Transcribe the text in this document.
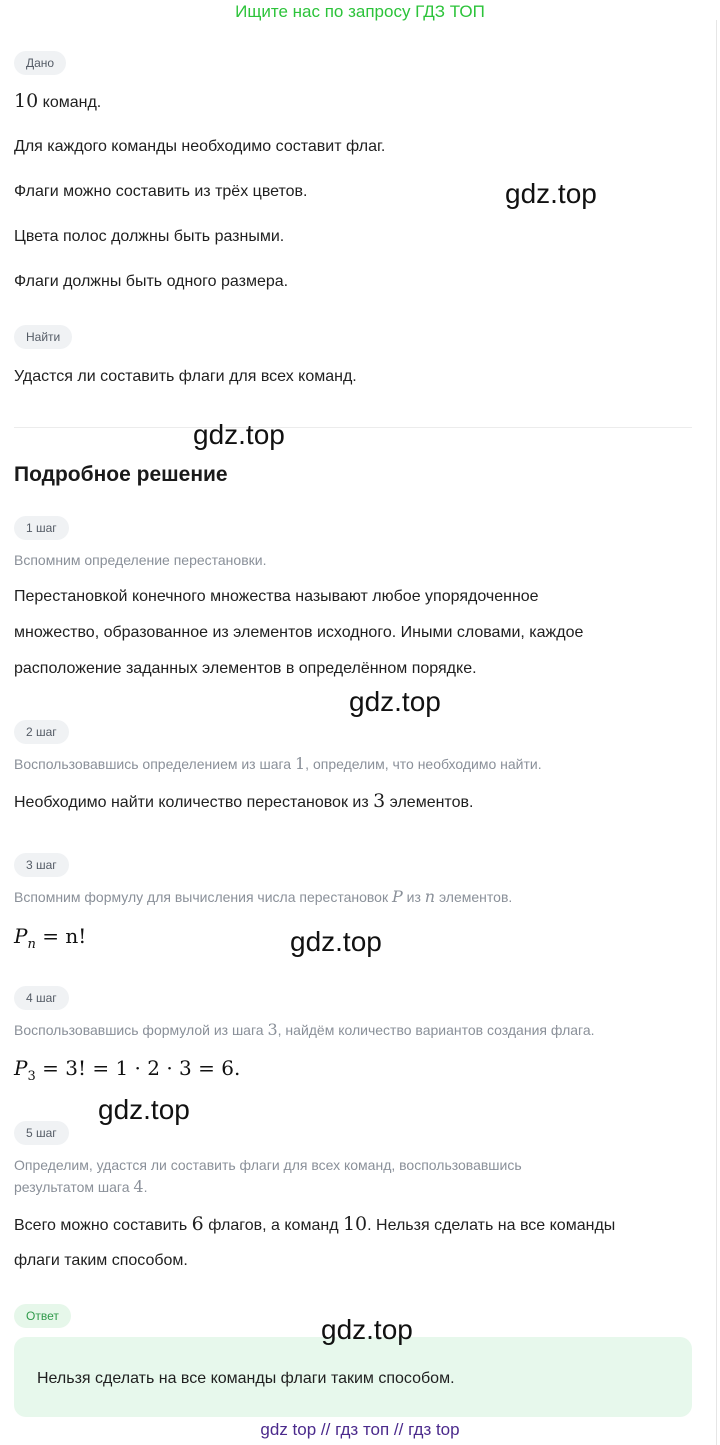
Ищите нас по запросу ГДЗ ТОП
Дано
10 команд.
Для каждого команды необходимо составит флаг.
Флаги можно составить из трёх цветов.
Цвета полос должны быть разными.
Флаги должны быть одного размера.
gdz.top
Найти
Удастся ли составить флаги для всех команд.
gdz.top
Подробное решение
1 шаг
Вспомним определение перестановки.
Перестановкой конечного множества называют любое упорядоченное
множество, образованное из элементов исходного. Иными словами, каждое
расположение заданных элементов в определённом порядке.
gdz.top
2 шаг
Воспользовавшись определением из шага 1, определим, что необходимо найти.
Необходимо найти количество перестановок из 3 элементов.
3 шаг
Вспомним формулу для вычисления числа перестановок P из n элементов.
$P_n = n$!	gdz.top
4 шаг
Воспользовавшись формулой из шага 3, найдём количество вариантов создания флага.
$P_3 = 3$! = 1 · 2 · 3 = 6.
gdz.top
5 шаг
Определим, удастся ли составить флаги для всех команд, воспользовавшись
результатом шага 4.
Всего можно составить 6 флагов, а команд 10. Нельзя сделать на все команды
флаги таким способом.
Ответ
Нельзя сделать на все команды флаги таким способом.
gdz.top
gdz top // гдз топ // гдз top
